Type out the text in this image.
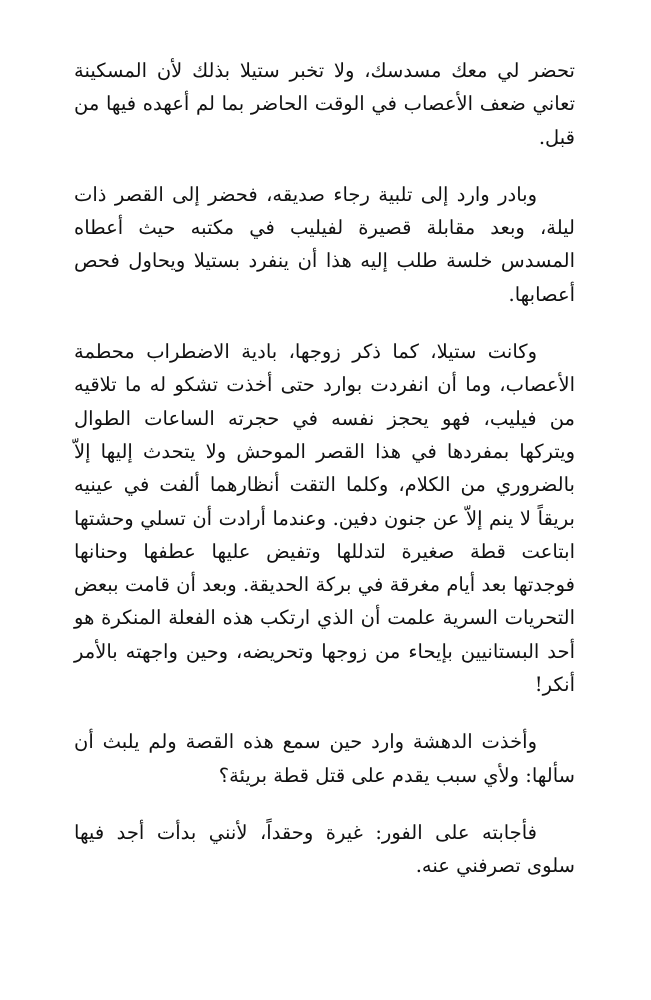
تحضر لي معك مسدسك، ولا تخبر ستيلا بذلك لأن المسكينة تعاني ضعف الأعصاب في الوقت الحاضر بما لم أعهده فيها من قبل.

وبادر وارد إلى تلبية رجاء صديقه، فحضر إلى القصر ذات ليلة، وبعد مقابلة قصيرة لفيليب في مكتبه حيث أعطاه المسدس خلسة طلب إليه هذا أن ينفرد بستيلا ويحاول فحص أعصابها.

وكانت ستيلا، كما ذكر زوجها، بادية الاضطراب محطمة الأعصاب، وما أن انفردت بوارد حتى أخذت تشكو له ما تلاقيه من فيليب، فهو يحجز نفسه في حجرته الساعات الطوال ويتركها بمفردها في هذا القصر الموحش ولا يتحدث إليها إلاّ بالضروري من الكلام، وكلما التقت أنظارهما ألفت في عينيه بريقاً لا ينم إلاّ عن جنون دفين. وعندما أرادت أن تسلي وحشتها ابتاعت قطة صغيرة لتدللها وتفيض عليها عطفها وحنانها فوجدتها بعد أيام مغرقة في بركة الحديقة. وبعد أن قامت ببعض التحريات السرية علمت أن الذي ارتكب هذه الفعلة المنكرة هو أحد البستانيين بإيحاء من زوجها وتحريضه، وحين واجهته بالأمر أنكر!

وأخذت الدهشة وارد حين سمع هذه القصة ولم يلبث أن سألها: ولأي سبب يقدم على قتل قطة بريئة؟

فأجابته على الفور: غيرة وحقداً، لأنني بدأت أجد فيها سلوى تصرفني عنه.
